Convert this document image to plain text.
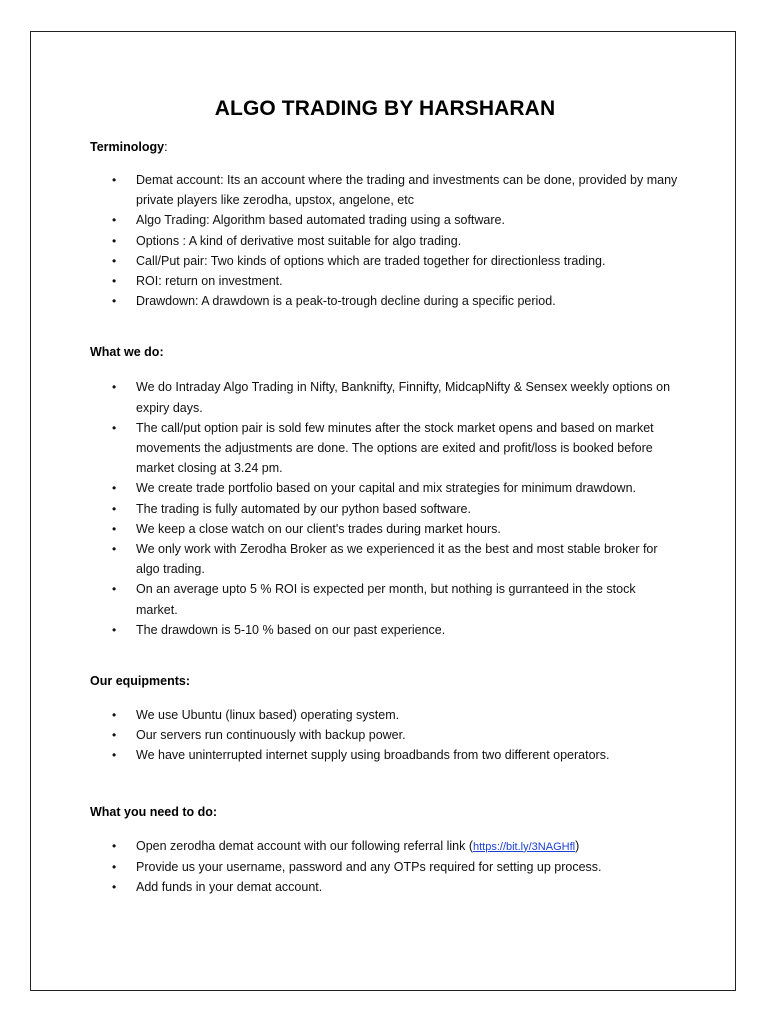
ALGO TRADING BY HARSHARAN
Terminology:
• Demat account: Its an account where the trading and investments can be done, provided by many private players like zerodha, upstox, angelone, etc
• Algo Trading: Algorithm based automated trading using a software.
• Options : A kind of derivative most suitable for algo trading.
• Call/Put pair: Two kinds of options which are traded together for directionless trading.
• ROI: return on investment.
• Drawdown: A drawdown is a peak-to-trough decline during a specific period.
What we do:
• We do Intraday Algo Trading in Nifty, Banknifty, Finnifty, MidcapNifty & Sensex weekly options on expiry days.
• The call/put option pair is sold few minutes after the stock market opens and based on market movements the adjustments are done. The options are exited and profit/loss is booked before market closing at 3.24 pm.
• We create trade portfolio based on your capital and mix strategies for minimum drawdown.
• The trading is fully automated by our python based software.
• We keep a close watch on our client's trades during market hours.
• We only work with Zerodha Broker as we experienced it as the best and most stable broker for algo trading.
• On an average upto 5 % ROI is expected per month, but nothing is gurranteed in the stock market.
• The drawdown is 5-10 % based on our past experience.
Our equipments:
• We use Ubuntu (linux based) operating system.
• Our servers run continuously with backup power.
• We have uninterrupted internet supply using broadbands from two different operators.
What you need to do:
• Open zerodha demat account with our following referral link (https://bit.ly/3NAGHfl)
• Provide us your username, password and any OTPs required for setting up process.
• Add funds in your demat account.
